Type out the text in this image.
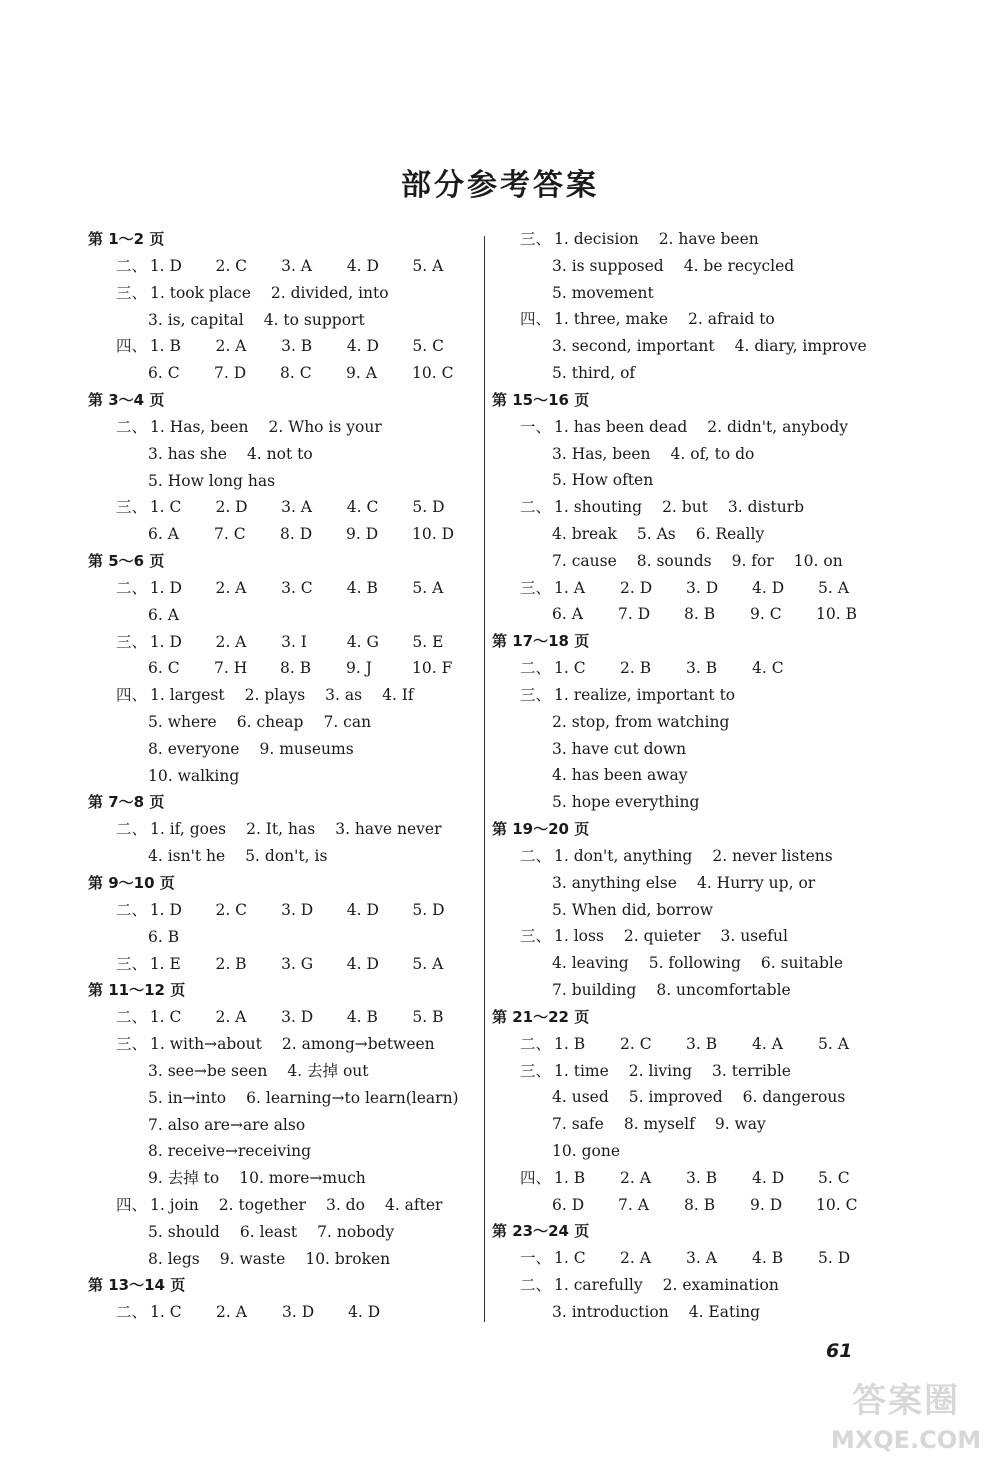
部分参考答案
第 1～2 页
二、 1. D	2. C	3. A	4. D	5. A
三、 1. took place 2. divided, into
3. is, capital 4. to support
四、 1. B	2. A	3. B	4. D	5. C
6. C	7. D	8. C	9. A	10. C
第 3～4 页
二、 1. Has, been 2. Who is your
3. has she 4. not to
5. How long has
三、 1. C	2. D	3. A	4. C	5. D
6. A	7. C	8. D	9. D	10. D
第 5～6 页
二、 1. D	2. A	3. C	4. B	5. A
6. A
三、 1. D	2. A	3. I	4. G	5. E
6. C	7. H	8. B	9. J	10. F
四、 1. largest 2. plays 3. as 4. If
5. where 6. cheap 7. can
8. everyone 9. museums
10. walking
第 7～8 页
二、 1. if, goes 2. It, has 3. have never
4. isn't he 5. don't, is
第 9～10 页
二、 1. D	2. C	3. D	4. D	5. D
6. B
三、 1. E	2. B	3. G	4. D	5. A
第 11～12 页
二、 1. C	2. A	3. D	4. B	5. B
三、 1. with→about 2. among→between
3. see→be seen 4. 去掉 out
5. in→into 6. learning→to learn(learn)
7. also are→are also
8. receive→receiving
9. 去掉 to 10. more→much
四、 1. join 2. together 3. do 4. after
5. should 6. least 7. nobody
8. legs 9. waste 10. broken
第 13～14 页
二、 1. C	2. A	3. D	4. D
三、 1. decision 2. have been
3. is supposed 4. be recycled
5. movement
四、 1. three, make 2. afraid to
3. second, important 4. diary, improve
5. third, of
第 15～16 页
一、 1. has been dead 2. didn't, anybody
3. Has, been 4. of, to do
5. How often
二、 1. shouting 2. but 3. disturb
4. break 5. As 6. Really
7. cause 8. sounds 9. for 10. on
三、 1. A	2. D	3. D	4. D	5. A
6. A	7. D	8. B	9. C	10. B
第 17～18 页
二、 1. C	2. B	3. B	4. C
三、 1. realize, important to
2. stop, from watching
3. have cut down
4. has been away
5. hope everything
第 19～20 页
二、 1. don't, anything 2. never listens
3. anything else 4. Hurry up, or
5. When did, borrow
三、 1. loss 2. quieter 3. useful
4. leaving 5. following 6. suitable
7. building 8. uncomfortable
第 21～22 页
二、 1. B	2. C	3. B	4. A	5. A
三、 1. time 2. living 3. terrible
4. used 5. improved 6. dangerous
7. safe 8. myself 9. way
10. gone
四、 1. B	2. A	3. B	4. D	5. C
6. D	7. A	8. B	9. D	10. C
第 23～24 页
一、 1. C	2. A	3. A	4. B	5. D
二、 1. carefully 2. examination
3. introduction 4. Eating
61
答案圈
MXQE.COM
